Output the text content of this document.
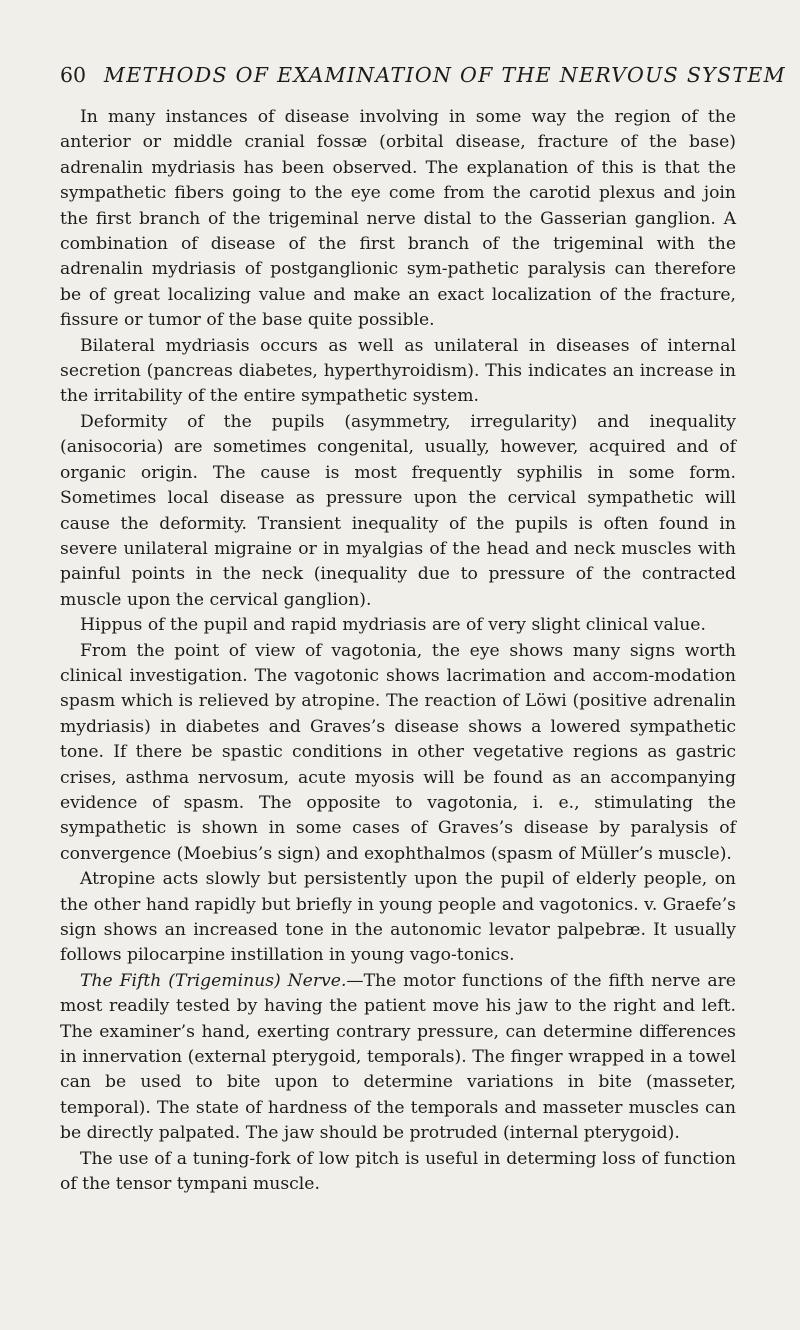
60 METHODS OF EXAMINATION OF THE NERVOUS SYSTEM

In many instances of disease involving in some way the region of the anterior or middle cranial fossæ (orbital disease, fracture of the base) adrenalin mydriasis has been observed. The explanation of this is that the sympathetic fibers going to the eye come from the carotid plexus and join the first branch of the trigeminal nerve distal to the Gasserian ganglion. A combination of disease of the first branch of the trigeminal with the adrenalin mydriasis of postganglionic sym-pathetic paralysis can therefore be of great localizing value and make an exact localization of the fracture, fissure or tumor of the base quite possible.

Bilateral mydriasis occurs as well as unilateral in diseases of internal secretion (pancreas diabetes, hyperthyroidism). This indicates an increase in the irritability of the entire sympathetic system.

Deformity of the pupils (asymmetry, irregularity) and inequality (anisocoria) are sometimes congenital, usually, however, acquired and of organic origin. The cause is most frequently syphilis in some form. Sometimes local disease as pressure upon the cervical sympathetic will cause the deformity. Transient inequality of the pupils is often found in severe unilateral migraine or in myalgias of the head and neck muscles with painful points in the neck (inequality due to pressure of the contracted muscle upon the cervical ganglion).

Hippus of the pupil and rapid mydriasis are of very slight clinical value.

From the point of view of vagotonia, the eye shows many signs worth clinical investigation. The vagotonic shows lacrimation and accom-modation spasm which is relieved by atropine. The reaction of Löwi (positive adrenalin mydriasis) in diabetes and Graves’s disease shows a lowered sympathetic tone. If there be spastic conditions in other vegetative regions as gastric crises, asthma nervosum, acute myosis will be found as an accompanying evidence of spasm. The opposite to vagotonia, i. e., stimulating the sympathetic is shown in some cases of Graves’s disease by paralysis of convergence (Moebius’s sign) and exophthalmos (spasm of Müller’s muscle).

Atropine acts slowly but persistently upon the pupil of elderly people, on the other hand rapidly but briefly in young people and vagotonics. v. Graefe’s sign shows an increased tone in the autonomic levator palpebræ. It usually follows pilocarpine instillation in young vago-tonics.

The Fifth (Trigeminus) Nerve.—The motor functions of the fifth nerve are most readily tested by having the patient move his jaw to the right and left. The examiner’s hand, exerting contrary pressure, can determine differences in innervation (external pterygoid, temporals). The finger wrapped in a towel can be used to bite upon to determine variations in bite (masseter, temporal). The state of hardness of the temporals and masseter muscles can be directly palpated. The jaw should be protruded (internal pterygoid).

The use of a tuning-fork of low pitch is useful in determing loss of function of the tensor tympani muscle.
